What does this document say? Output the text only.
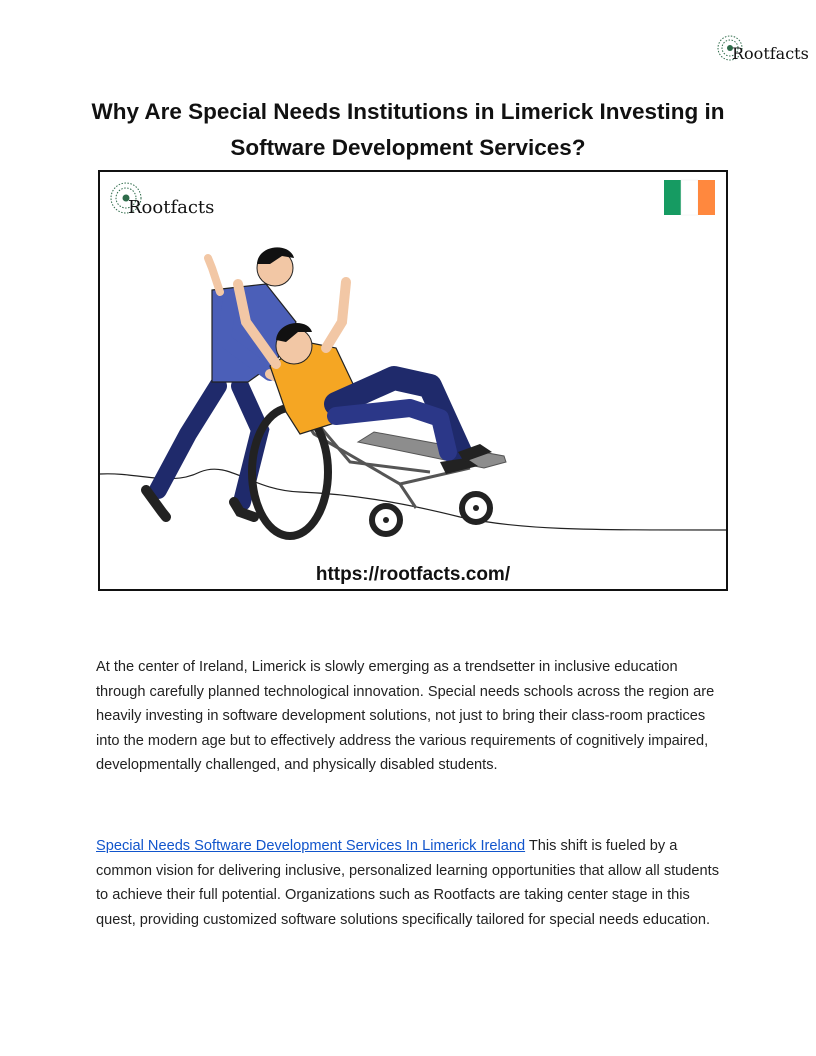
Rootfacts
Why Are Special Needs Institutions in Limerick Investing in Software Development Services?
Rootfacts
https://rootfacts.com/

At the center of Ireland, Limerick is slowly emerging as a trendsetter in inclusive education through carefully planned technological innovation. Special needs schools across the region are heavily investing in software development solutions, not just to bring their class-room practices into the modern age but to effectively address the various requirements of cognitively impaired, developmentally challenged, and physically disabled students.

Special Needs Software Development Services In Limerick Ireland This shift is fueled by a common vision for delivering inclusive, personalized learning opportunities that allow all students to achieve their full potential. Organizations such as Rootfacts are taking center stage in this quest, providing customized software solutions specifically tailored for special needs education.
